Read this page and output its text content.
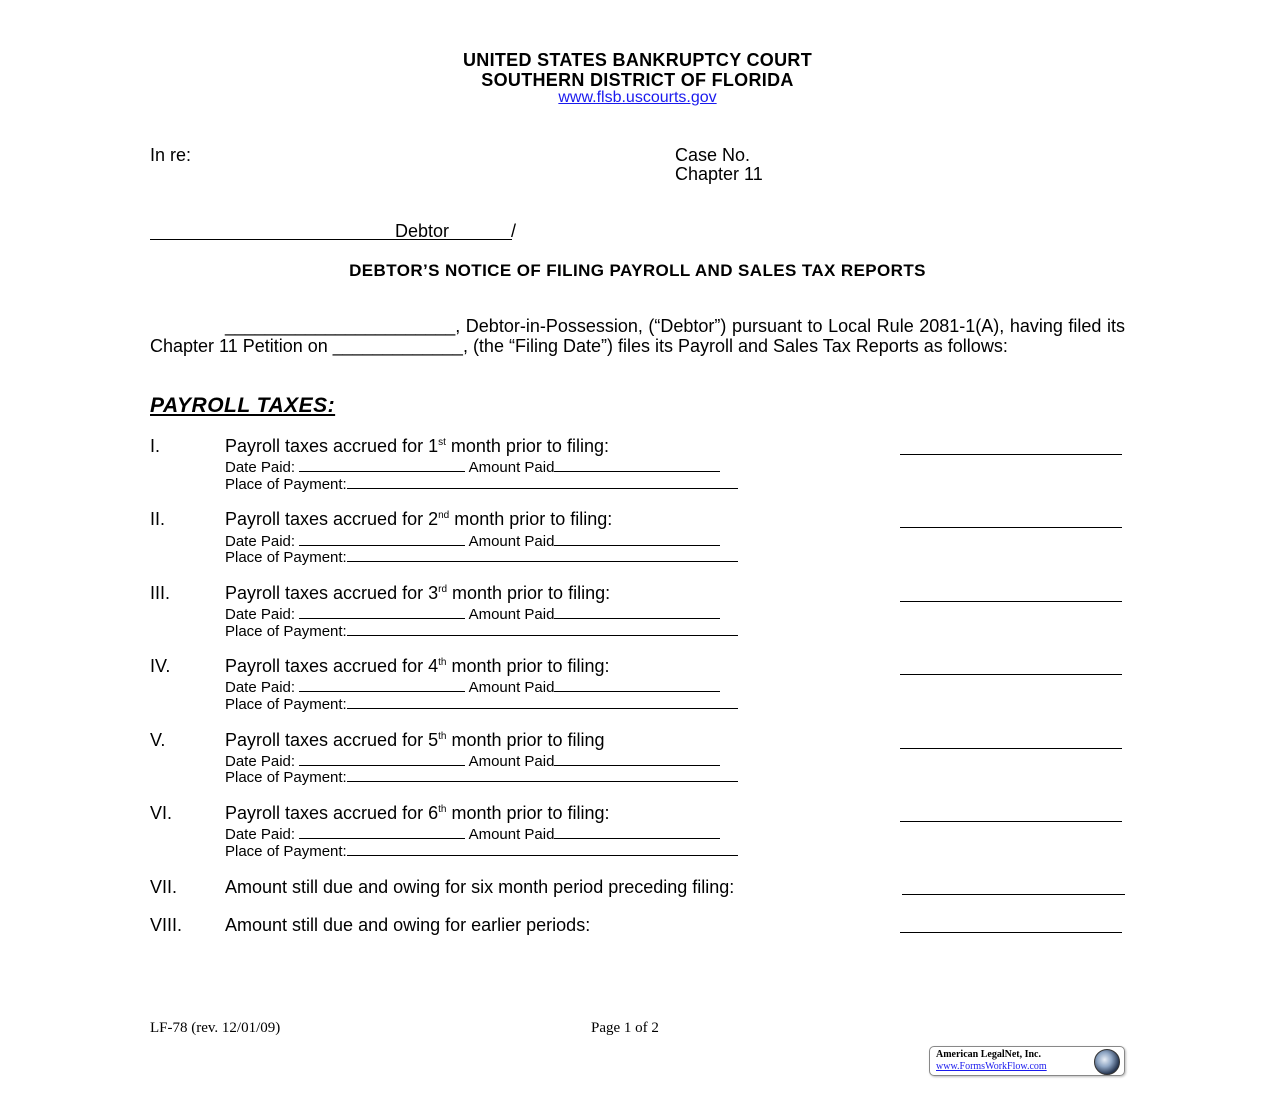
UNITED STATES BANKRUPTCY COURT
SOUTHERN DISTRICT OF FLORIDA
www.flsb.uscourts.gov
In re:	Case No.
Chapter 11
Debtor	/
DEBTOR’S NOTICE OF FILING PAYROLL AND SALES TAX REPORTS
_______________________, Debtor-in-Possession, (“Debtor”) pursuant to Local Rule 2081-1(A), having filed its Chapter 11 Petition on _____________, (the “Filing Date”) files its Payroll and Sales Tax Reports as follows:
PAYROLL TAXES:
I.	Payroll taxes accrued for 1st month prior to filing:
Date Paid:	Amount Paid
Place of Payment:
II.	Payroll taxes accrued for 2nd month prior to filing:
Date Paid:	Amount Paid
Place of Payment:
III.	Payroll taxes accrued for 3rd month prior to filing:
Date Paid:	Amount Paid
Place of Payment:
IV.	Payroll taxes accrued for 4th month prior to filing:
Date Paid:	Amount Paid
Place of Payment:
V.	Payroll taxes accrued for 5th month prior to filing
Date Paid:	Amount Paid
Place of Payment:
VI.	Payroll taxes accrued for 6th month prior to filing:
Date Paid:	Amount Paid
Place of Payment:
VII.	Amount still due and owing for six month period preceding filing:
VIII. Amount still due and owing for earlier periods:
LF-78 (rev. 12/01/09)	Page 1 of 2
American LegalNet, Inc.
www.FormsWorkFlow.com
